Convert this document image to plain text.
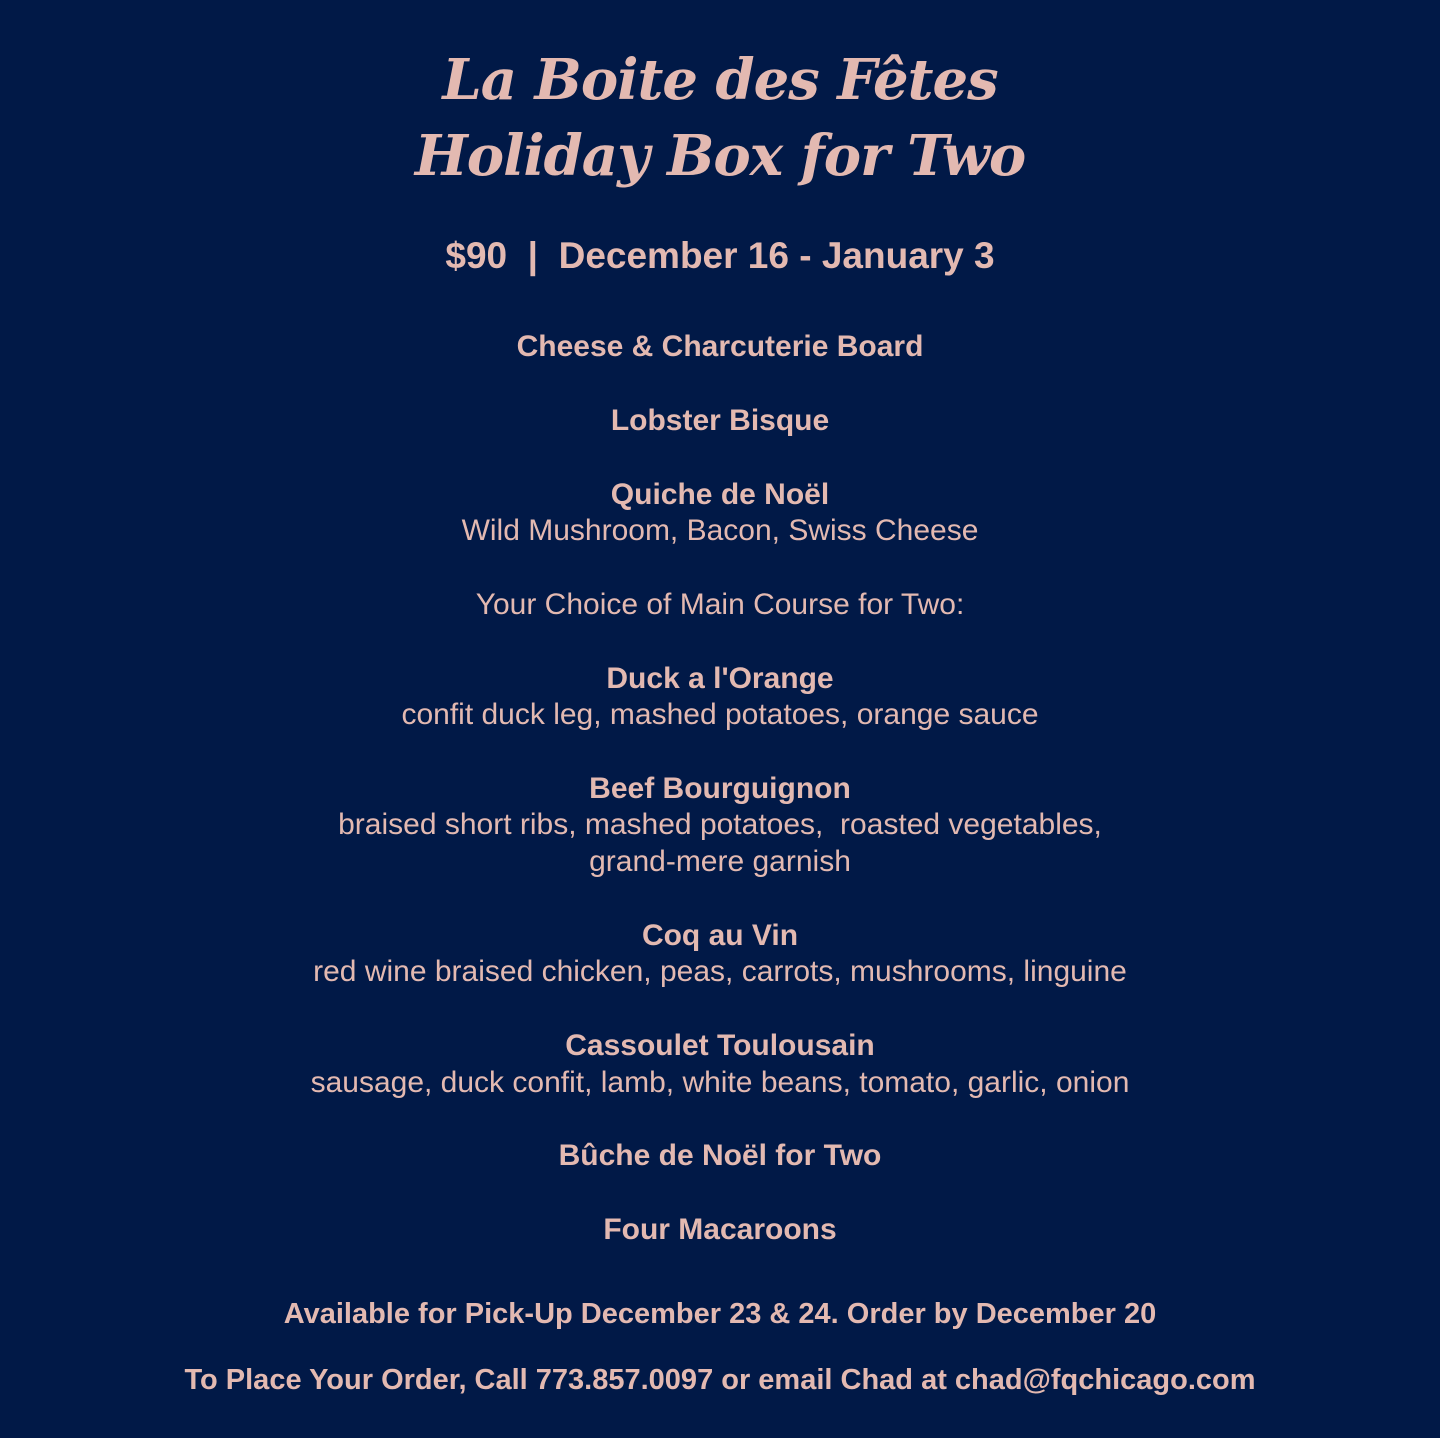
La Boite des Fêtes
Holiday Box for Two
$90  |  December 16 - January 3
Cheese & Charcuterie Board
Lobster Bisque
Quiche de Noël
Wild Mushroom, Bacon, Swiss Cheese
Your Choice of Main Course for Two:
Duck a l'Orange
confit duck leg, mashed potatoes, orange sauce
Beef Bourguignon
braised short ribs, mashed potatoes,  roasted vegetables,
grand-mere garnish
Coq au Vin
red wine braised chicken, peas, carrots, mushrooms, linguine
Cassoulet Toulousain
sausage, duck confit, lamb, white beans, tomato, garlic, onion
Bûche de Noël for Two
Four Macaroons
Available for Pick-Up December 23 & 24. Order by December 20
To Place Your Order, Call 773.857.0097 or email Chad at chad@fqchicago.com
